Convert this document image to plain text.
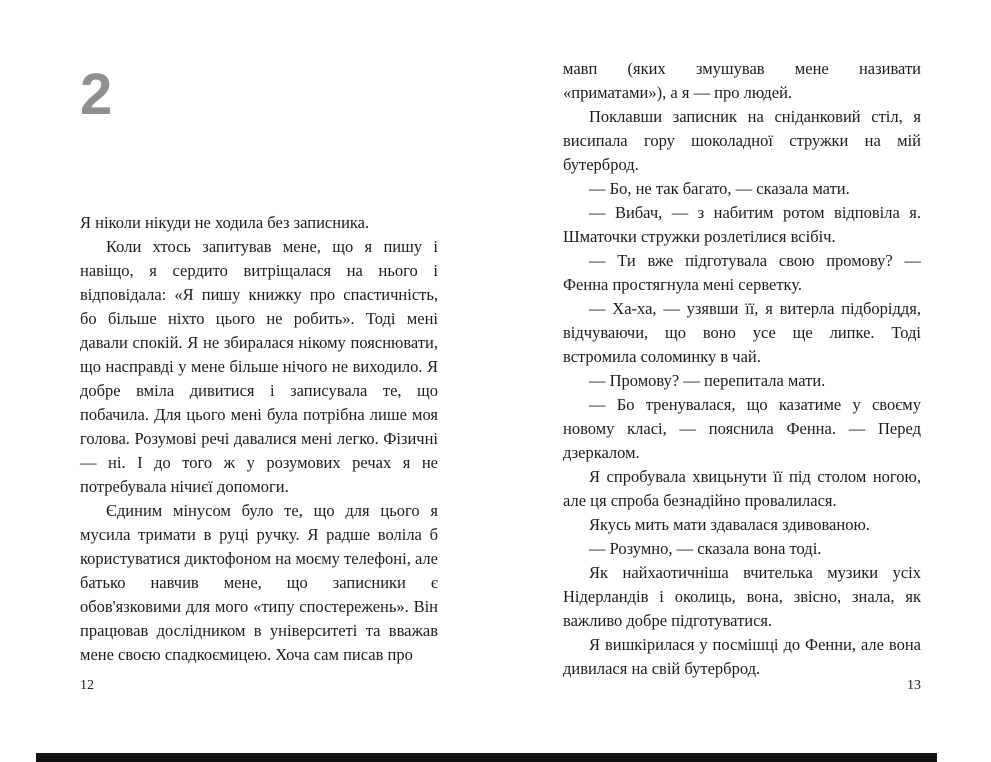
2

Я ніколи нікуди не ходила без записника.

Коли хтось запитував мене, що я пишу і навіщо, я сердито витріщалася на нього і відповідала: «Я пишу книжку про спастичність, бо більше ніхто цього не робить». Тоді мені давали спокій. Я не збиралася нікому пояснювати, що насправді у мене більше нічого не виходило. Я добре вміла дивитися і записувала те, що побачила. Для цього мені була потрібна лише моя голова. Розумові речі давалися мені легко. Фізичні — ні. І до того ж у розумових речах я не потребувала нічиєї допомоги.

Єдиним мінусом було те, що для цього я мусила тримати в руці ручку. Я радше воліла б користуватися диктофоном на моєму телефоні, але батько навчив мене, що записники є обов'язковими для мого «типу спостережень». Він працював дослідником в університеті та вважав мене своєю спадкоємицею. Хоча сам писав про

мавп (яких змушував мене називати «приматами»), а я — про людей.

Поклавши записник на сніданковий стіл, я висипала гору шоколадної стружки на мій бутерброд.

— Бо, не так багато, — сказала мати.

— Вибач, — з набитим ротом відповіла я. Шматочки стружки розлетілися всібіч.

— Ти вже підготувала свою промову? — Фенна простягнула мені серветку.

— Ха-ха, — узявши її, я витерла підборіддя, відчуваючи, що воно усе ще липке. Тоді встромила соломинку в чай.

— Промову? — перепитала мати.

— Бо тренувалася, що казатиме у своєму новому класі, — пояснила Фенна. — Перед дзеркалом.

Я спробувала хвицьнути її під столом ногою, але ця спроба безнадійно провалилася.

Якусь мить мати здавалася здивованою.

— Розумно, — сказала вона тоді.

Як найхаотичніша вчителька музики усіх Нідерландів і околиць, вона, звісно, знала, як важливо добре підготуватися.

Я вишкірилася у посмішці до Фенни, але вона дивилася на свій бутерброд.

12	13
